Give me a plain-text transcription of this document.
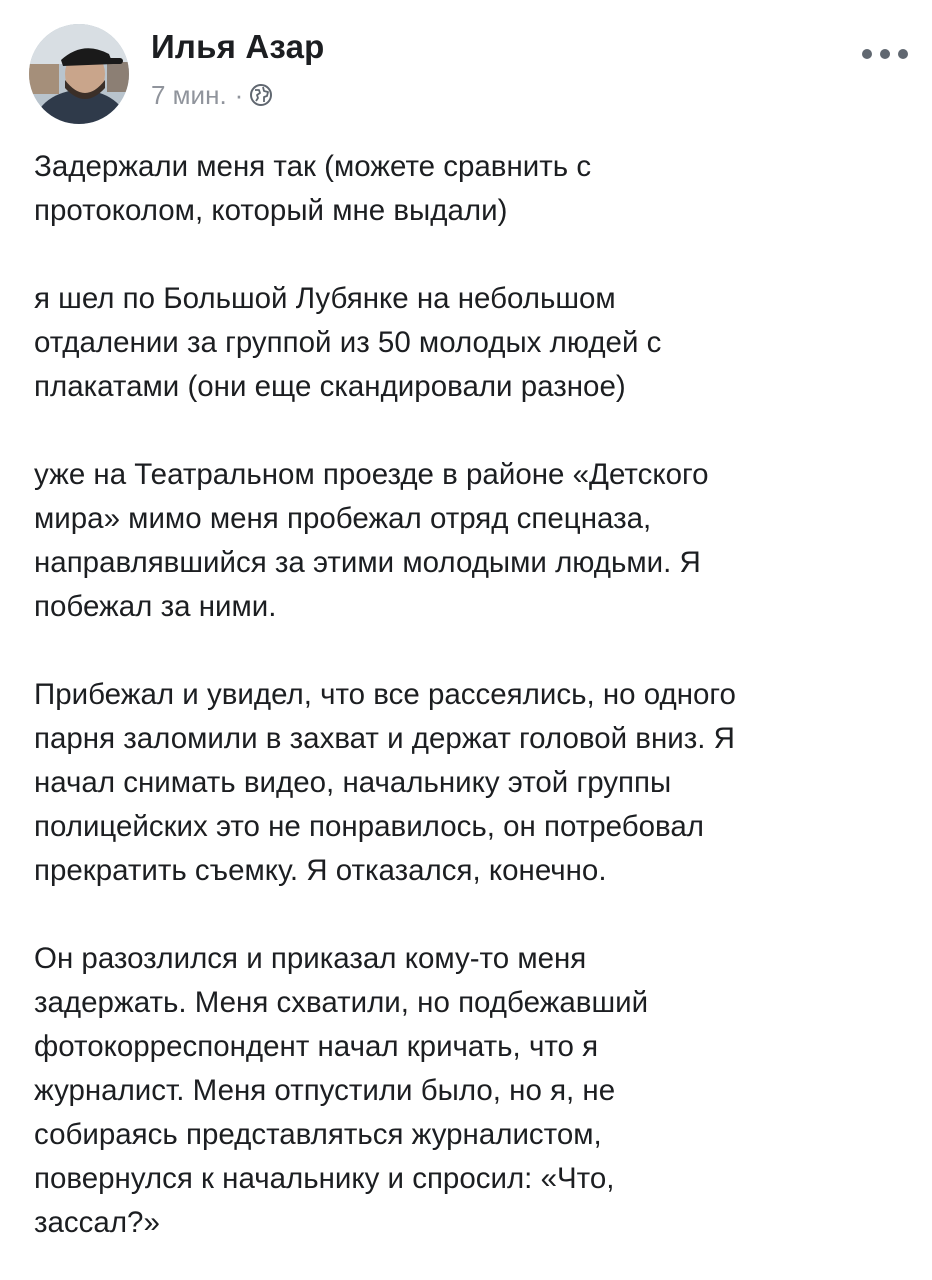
Илья Азар
7 мин. ·

Задержали меня так (можете сравнить с
протоколом, который мне выдали)

я шел по Большой Лубянке на небольшом
отдалении за группой из 50 молодых людей с
плакатами (они еще скандировали разное)

уже на Театральном проезде в районе «Детского
мира» мимо меня пробежал отряд спецназа,
направлявшийся за этими молодыми людьми. Я
побежал за ними.

Прибежал и увидел, что все рассеялись, но одного
парня заломили в захват и держат головой вниз. Я
начал снимать видео, начальнику этой группы
полицейских это не понравилось, он потребовал
прекратить съемку. Я отказался, конечно.

Он разозлился и приказал кому-то меня
задержать. Меня схватили, но подбежавший
фотокорреспондент начал кричать, что я
журналист. Меня отпустили было, но я, не
собираясь представляться журналистом,
повернулся к начальнику и спросил: «Что,
зассал?»
